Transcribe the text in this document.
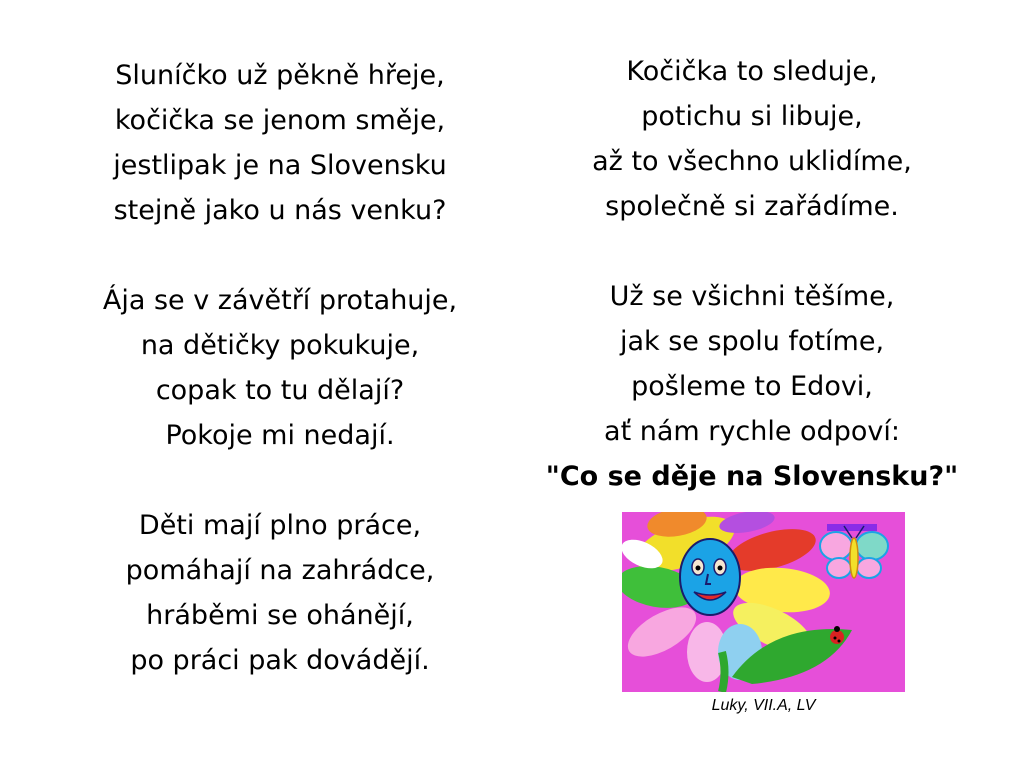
Sluníčko už pěkně hřeje,
kočička se jenom směje,
jestlipak je na Slovensku
stejně jako u nás venku?
Ája se v závětří protahuje,
na dětičky pokukuje,
copak to tu dělají?
Pokoje mi nedají.
Děti mají plno práce,
pomáhají na zahrádce,
hráběmi se ohánějí,
po práci pak dovádějí.
Kočička to sleduje,
potichu si libuje,
až to všechno uklidíme,
společně si zařádíme.
Už se všichni těšíme,
jak se spolu fotíme,
pošleme to Edovi,
ať nám rychle odpoví:
"Co se děje na Slovensku?"
Luky, VII.A, LV
